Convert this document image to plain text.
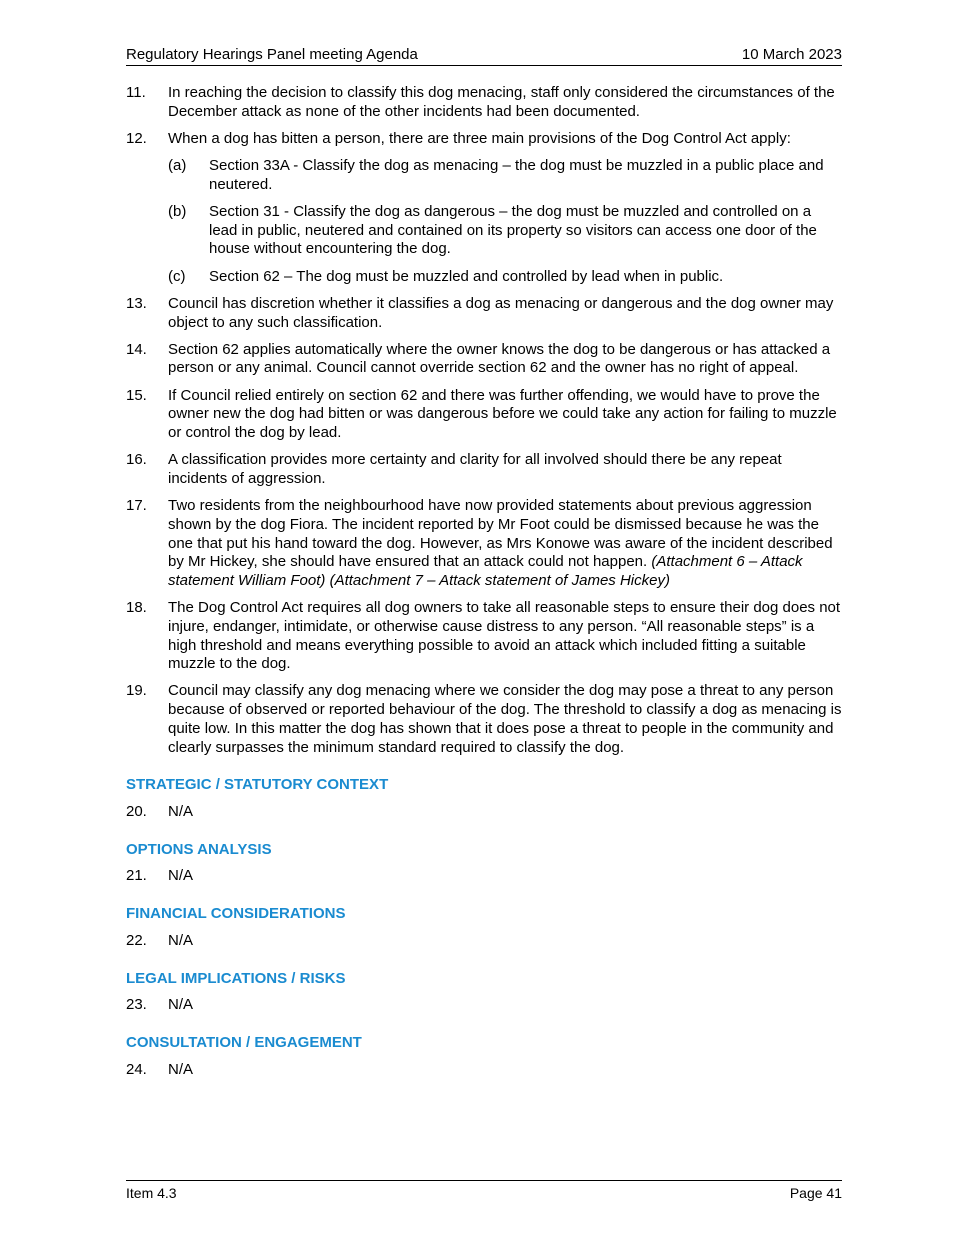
Regulatory Hearings Panel meeting Agenda	10 March 2023
11.	In reaching the decision to classify this dog menacing, staff only considered the circumstances of the December attack as none of the other incidents had been documented.
12.	When a dog has bitten a person, there are three main provisions of the Dog Control Act apply:
(a)	Section 33A - Classify the dog as menacing – the dog must be muzzled in a public place and neutered.
(b)	Section 31 - Classify the dog as dangerous – the dog must be muzzled and controlled on a lead in public, neutered and contained on its property so visitors can access one door of the house without encountering the dog.
(c)	Section 62 – The dog must be muzzled and controlled by lead when in public.
13.	Council has discretion whether it classifies a dog as menacing or dangerous and the dog owner may object to any such classification.
14.	Section 62 applies automatically where the owner knows the dog to be dangerous or has attacked a person or any animal. Council cannot override section 62 and the owner has no right of appeal.
15.	If Council relied entirely on section 62 and there was further offending, we would have to prove the owner new the dog had bitten or was dangerous before we could take any action for failing to muzzle or control the dog by lead.
16.	A classification provides more certainty and clarity for all involved should there be any repeat incidents of aggression.
17.	Two residents from the neighbourhood have now provided statements about previous aggression shown by the dog Fiora. The incident reported by Mr Foot could be dismissed because he was the one that put his hand toward the dog. However, as Mrs Konowe was aware of the incident described by Mr Hickey, she should have ensured that an attack could not happen. (Attachment 6 – Attack statement William Foot) (Attachment 7 – Attack statement of James Hickey)
18.	The Dog Control Act requires all dog owners to take all reasonable steps to ensure their dog does not injure, endanger, intimidate, or otherwise cause distress to any person. “All reasonable steps” is a high threshold and means everything possible to avoid an attack which included fitting a suitable muzzle to the dog.
19.	Council may classify any dog menacing where we consider the dog may pose a threat to any person because of observed or reported behaviour of the dog. The threshold to classify a dog as menacing is quite low. In this matter the dog has shown that it does pose a threat to people in the community and clearly surpasses the minimum standard required to classify the dog.
STRATEGIC / STATUTORY CONTEXT
20.	N/A
OPTIONS ANALYSIS
21.	N/A
FINANCIAL CONSIDERATIONS
22.	N/A
LEGAL IMPLICATIONS / RISKS
23.	N/A
CONSULTATION / ENGAGEMENT
24.	N/A
Item 4.3	Page 41
